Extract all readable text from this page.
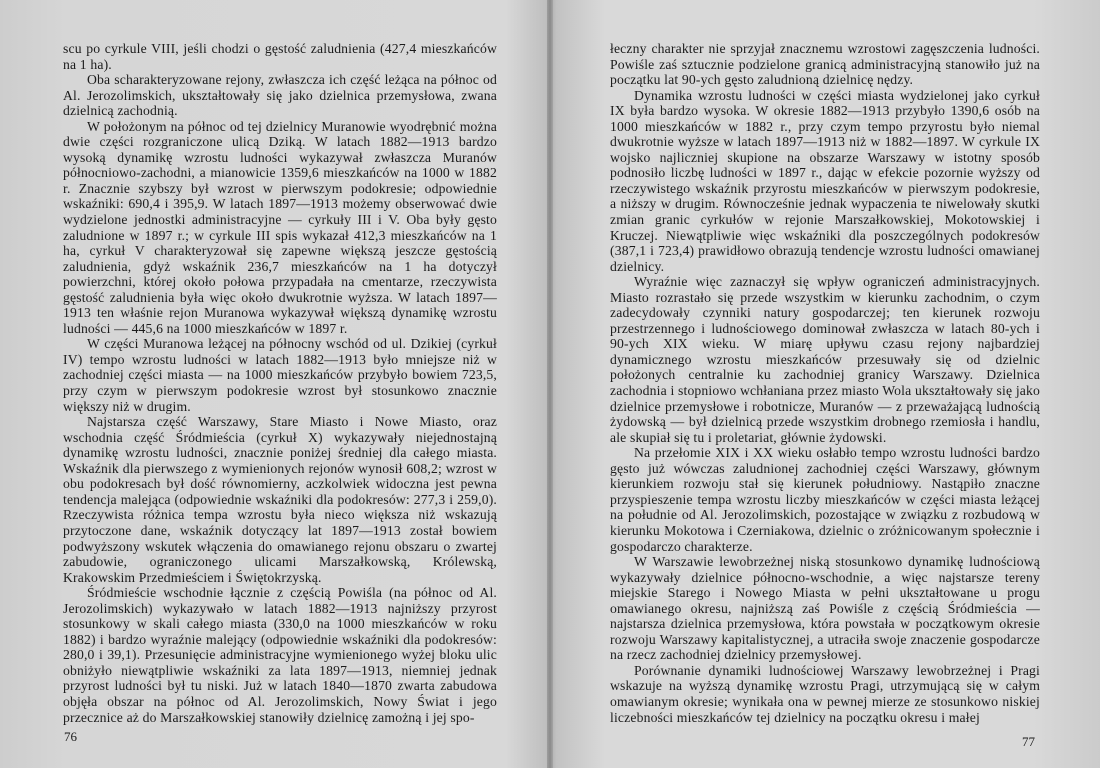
scu po cyrkule VIII, jeśli chodzi o gęstość zaludnienia (427,4 mieszkańców na 1 ha).

Oba scharakteryzowane rejony, zwłaszcza ich część leżąca na północ od Al. Jerozolimskich, ukształtowały się jako dzielnica przemysłowa, zwana dzielnicą zachodnią.

W położonym na północ od tej dzielnicy Muranowie wyodrębnić można dwie części rozgraniczone ulicą Dziką. W latach 1882—1913 bardzo wysoką dynamikę wzrostu ludności wykazywał zwłaszcza Muranów północniowo-zachodni, a mianowicie 1359,6 mieszkańców na 1000 w 1882 r. Znacznie szybszy był wzrost w pierwszym podokresie; odpowiednie wskaźniki: 690,4 i 395,9. W latach 1897—1913 możemy obserwować dwie wydzielone jednostki administracyjne — cyrkuły III i V. Oba były gęsto zaludnione w 1897 r.; w cyrkule III spis wykazał 412,3 mieszkańców na 1 ha, cyrkuł V charakteryzował się zapewne większą jeszcze gęstością zaludnienia, gdyż wskaźnik 236,7 mieszkańców na 1 ha dotyczył powierzchni, której około połowa przypadała na cmentarze, rzeczywista gęstość zaludnienia była więc około dwukrotnie wyższa. W latach 1897—1913 ten właśnie rejon Muranowa wykazywał większą dynamikę wzrostu ludności — 445,6 na 1000 mieszkańców w 1897 r.

W części Muranowa leżącej na północny wschód od ul. Dzikiej (cyrkuł IV) tempo wzrostu ludności w latach 1882—1913 było mniejsze niż w zachodniej części miasta — na 1000 mieszkańców przybyło bowiem 723,5, przy czym w pierwszym podokresie wzrost był stosunkowo znacznie większy niż w drugim.

Najstarsza część Warszawy, Stare Miasto i Nowe Miasto, oraz wschodnia część Śródmieścia (cyrkuł X) wykazywały niejednostajną dynamikę wzrostu ludności, znacznie poniżej średniej dla całego miasta. Wskaźnik dla pierwszego z wymienionych rejonów wynosił 608,2; wzrost w obu podokresach był dość równomierny, aczkolwiek widoczna jest pewna tendencja malejąca (odpowiednie wskaźniki dla podokresów: 277,3 i 259,0). Rzeczywista różnica tempa wzrostu była nieco większa niż wskazują przytoczone dane, wskaźnik dotyczący lat 1897—1913 został bowiem podwyższony wskutek włączenia do omawianego rejonu obszaru o zwartej zabudowie, ograniczonego ulicami Marszałkowską, Królewską, Krakowskim Przedmieściem i Świętokrzyską.

Śródmieście wschodnie łącznie z częścią Powiśla (na północ od Al. Jerozolimskich) wykazywało w latach 1882—1913 najniższy przyrost stosunkowy w skali całego miasta (330,0 na 1000 mieszkańców w roku 1882) i bardzo wyraźnie malejący (odpowiednie wskaźniki dla podokresów: 280,0 i 39,1). Przesunięcie administracyjne wymienionego wyżej bloku ulic obniżyło niewątpliwie wskaźniki za lata 1897—1913, niemniej jednak przyrost ludności był tu niski. Już w latach 1840—1870 zwarta zabudowa objęła obszar na północ od Al. Jerozolimskich, Nowy Świat i jego przecznice aż do Marszałkowskiej stanowiły dzielnicę zamożną i jej spo-

76

łeczny charakter nie sprzyjał znacznemu wzrostowi zagęszczenia ludności. Powiśle zaś sztucznie podzielone granicą administracyjną stanowiło już na początku lat 90-ych gęsto zaludnioną dzielnicę nędzy.

Dynamika wzrostu ludności w części miasta wydzielonej jako cyrkuł IX była bardzo wysoka. W okresie 1882—1913 przybyło 1390,6 osób na 1000 mieszkańców w 1882 r., przy czym tempo przyrostu było niemal dwukrotnie wyższe w latach 1897—1913 niż w 1882—1897. W cyrkule IX wojsko najliczniej skupione na obszarze Warszawy w istotny sposób podnosiło liczbę ludności w 1897 r., dając w efekcie pozornie wyższy od rzeczywistego wskaźnik przyrostu mieszkańców w pierwszym podokresie, a niższy w drugim. Równocześnie jednak wypaczenia te niwelowały skutki zmian granic cyrkułów w rejonie Marszałkowskiej, Mokotowskiej i Kruczej. Niewątpliwie więc wskaźniki dla poszczególnych podokresów (387,1 i 723,4) prawidłowo obrazują tendencje wzrostu ludności omawianej dzielnicy.

Wyraźnie więc zaznaczył się wpływ ograniczeń administracyjnych. Miasto rozrastało się przede wszystkim w kierunku zachodnim, o czym zadecydowały czynniki natury gospodarczej; ten kierunek rozwoju przestrzennego i ludnościowego dominował zwłaszcza w latach 80-ych i 90-ych XIX wieku. W miarę upływu czasu rejony najbardziej dynamicznego wzrostu mieszkańców przesuwały się od dzielnic położonych centralnie ku zachodniej granicy Warszawy. Dzielnica zachodnia i stopniowo wchłaniana przez miasto Wola ukształtowały się jako dzielnice przemysłowe i robotnicze, Muranów — z przeważającą ludnością żydowską — był dzielnicą przede wszystkim drobnego rzemiosła i handlu, ale skupiał się tu i proletariat, głównie żydowski.

Na przełomie XIX i XX wieku osłabło tempo wzrostu ludności bardzo gęsto już wówczas zaludnionej zachodniej części Warszawy, głównym kierunkiem rozwoju stał się kierunek południowy. Nastąpiło znaczne przyspieszenie tempa wzrostu liczby mieszkańców w części miasta leżącej na południe od Al. Jerozolimskich, pozostające w związku z rozbudową w kierunku Mokotowa i Czerniakowa, dzielnic o zróżnicowanym społecznie i gospodarczo charakterze.

W Warszawie lewobrzeżnej niską stosunkowo dynamikę ludnościową wykazywały dzielnice północno-wschodnie, a więc najstarsze tereny miejskie Starego i Nowego Miasta w pełni ukształtowane u progu omawianego okresu, najniższą zaś Powiśle z częścią Śródmieścia — najstarsza dzielnica przemysłowa, która powstała w początkowym okresie rozwoju Warszawy kapitalistycznej, a utraciła swoje znaczenie gospodarcze na rzecz zachodniej dzielnicy przemysłowej.

Porównanie dynamiki ludnościowej Warszawy lewobrzeżnej i Pragi wskazuje na wyższą dynamikę wzrostu Pragi, utrzymującą się w całym omawianym okresie; wynikała ona w pewnej mierze ze stosunkowo niskiej liczebności mieszkańców tej dzielnicy na początku okresu i małej

77
